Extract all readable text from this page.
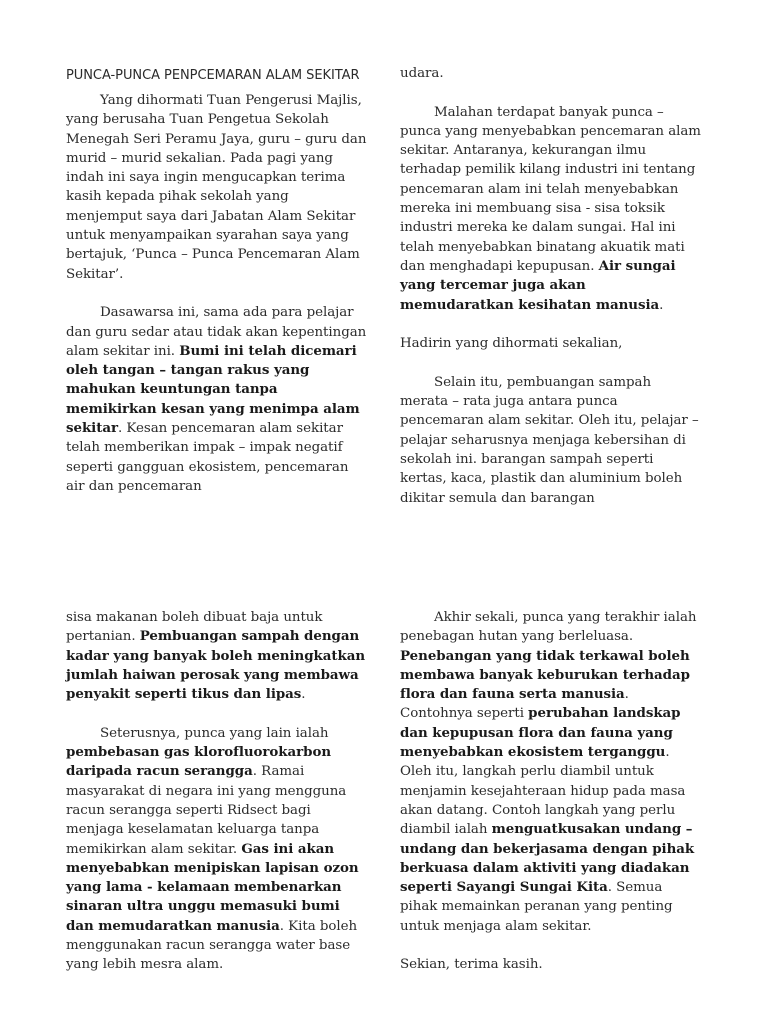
PUNCA-PUNCA PENPCEMARAN ALAM SEKITAR

Yang dihormati Tuan Pengerusi Majlis, yang berusaha Tuan Pengetua Sekolah Menegah Seri Peramu Jaya, guru – guru dan murid – murid sekalian. Pada pagi yang indah ini saya ingin mengucapkan terima kasih kepada pihak sekolah yang menjemput saya dari Jabatan Alam Sekitar untuk menyampaikan syarahan saya yang bertajuk, ‘Punca – Punca Pencemaran Alam Sekitar’.

Dasawarsa ini, sama ada para pelajar dan guru sedar atau tidak akan kepentingan alam sekitar ini. Bumi ini telah dicemari oleh tangan – tangan rakus yang mahukan keuntungan tanpa memikirkan kesan yang menimpa alam sekitar. Kesan pencemaran alam sekitar telah memberikan impak – impak negatif seperti gangguan ekosistem, pencemaran air dan pencemaran

udara.

Malahan terdapat banyak punca – punca yang menyebabkan pencemaran alam sekitar. Antaranya, kekurangan ilmu terhadap pemilik kilang industri ini tentang pencemaran alam ini telah menyebabkan mereka ini membuang sisa - sisa toksik industri mereka ke dalam sungai. Hal ini telah menyebabkan binatang akuatik mati dan menghadapi kepupusan. Air sungai yang tercemar juga akan memudaratkan kesihatan manusia.

Hadirin yang dihormati sekalian,

Selain itu, pembuangan sampah merata – rata juga antara punca pencemaran alam sekitar. Oleh itu, pelajar – pelajar seharusnya menjaga kebersihan di sekolah ini. barangan sampah seperti kertas, kaca, plastik dan aluminium boleh dikitar semula dan barangan

sisa makanan boleh dibuat baja untuk pertanian. Pembuangan sampah dengan kadar yang banyak boleh meningkatkan jumlah haiwan perosak yang membawa penyakit seperti tikus dan lipas.

Seterusnya, punca yang lain ialah pembebasan gas klorofluorokarbon daripada racun serangga. Ramai masyarakat di negara ini yang mengguna racun serangga seperti Ridsect bagi menjaga keselamatan keluarga tanpa memikirkan alam sekitar. Gas ini akan menyebabkan menipiskan lapisan ozon yang lama - kelamaan membenarkan sinaran ultra unggu memasuki bumi dan memudaratkan manusia. Kita boleh menggunakan racun serangga water base yang lebih mesra alam.

Akhir sekali, punca yang terakhir ialah penebagan hutan yang berleluasa. Penebangan yang tidak terkawal boleh membawa banyak keburukan terhadap flora dan fauna serta manusia. Contohnya seperti perubahan landskap dan kepupusan flora dan fauna yang menyebabkan ekosistem terganggu. Oleh itu, langkah perlu diambil untuk menjamin kesejahteraan hidup pada masa akan datang. Contoh langkah yang perlu diambil ialah menguatkusakan undang – undang dan bekerjasama dengan pihak berkuasa dalam aktiviti yang diadakan seperti Sayangi Sungai Kita. Semua pihak memainkan peranan yang penting untuk menjaga alam sekitar.

Sekian, terima kasih.
